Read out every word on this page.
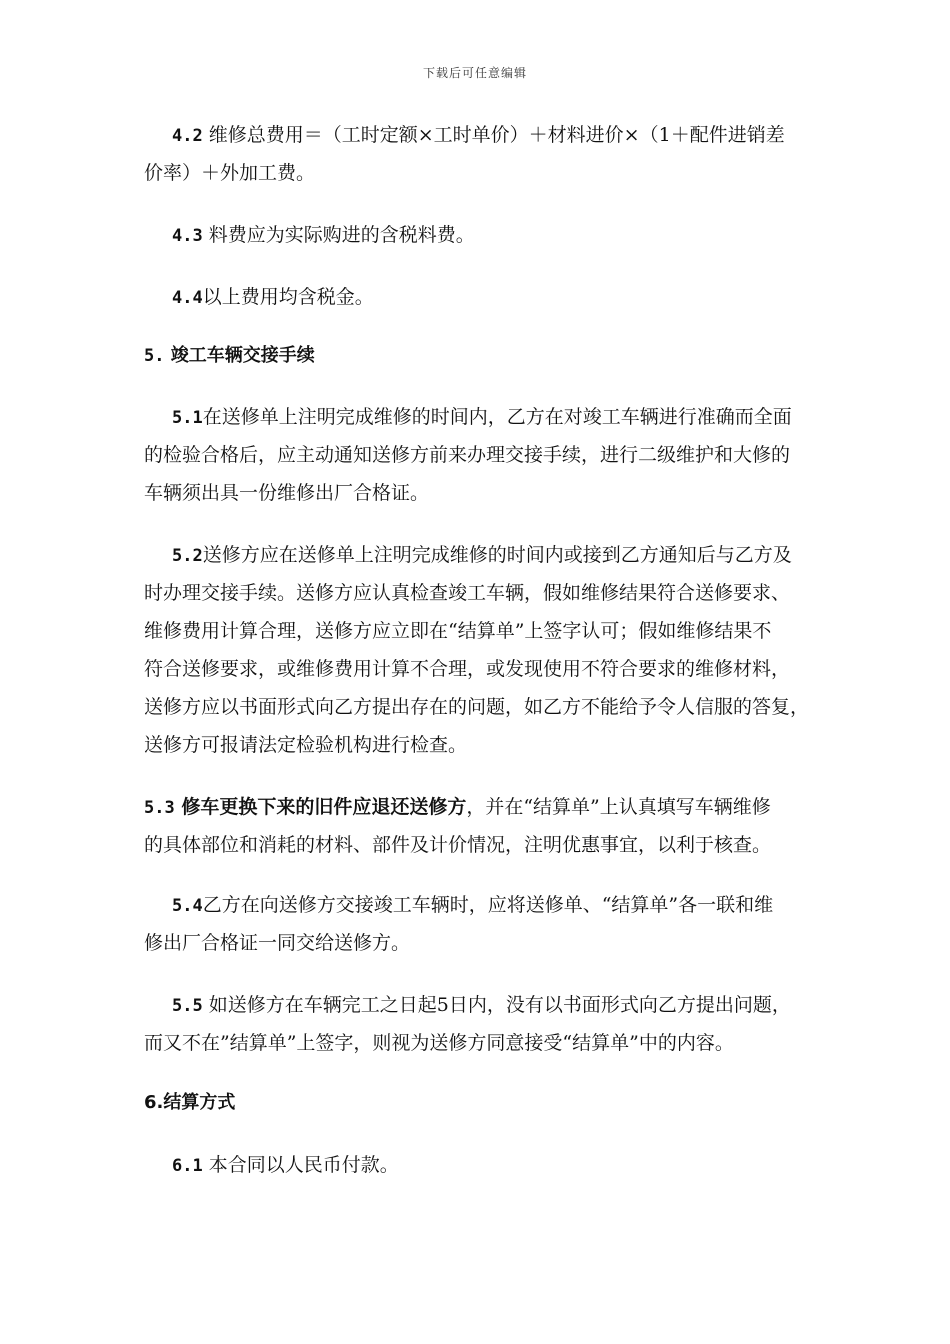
下载后可任意编辑
4.2 维修总费用＝（工时定额×工时单价）＋材料进价×（1＋配件进销差
价率）＋外加工费。
4.3 料费应为实际购进的含税料费。
4.4以上费用均含税金。
5. 竣工车辆交接手续
5.1在送修单上注明完成维修的时间内，乙方在对竣工车辆进行准确而全面
的检验合格后，应主动通知送修方前来办理交接手续，进行二级维护和大修的
车辆须出具一份维修出厂合格证。
5.2送修方应在送修单上注明完成维修的时间内或接到乙方通知后与乙方及
时办理交接手续。送修方应认真检查竣工车辆，假如维修结果符合送修要求、
维修费用计算合理，送修方应立即在“结算单”上签字认可；假如维修结果不
符合送修要求，或维修费用计算不合理，或发现使用不符合要求的维修材料，
送修方应以书面形式向乙方提出存在的问题，如乙方不能给予令人信服的答复，
送修方可报请法定检验机构进行检查。
5.3 修车更换下来的旧件应退还送修方，并在“结算单”上认真填写车辆维修
的具体部位和消耗的材料、部件及计价情况，注明优惠事宜，以利于核查。
5.4乙方在向送修方交接竣工车辆时，应将送修单、“结算单”各一联和维
修出厂合格证一同交给送修方。
5.5 如送修方在车辆完工之日起5日内，没有以书面形式向乙方提出问题，
而又不在”结算单”上签字，则视为送修方同意接受“结算单”中的内容。
6.结算方式
6.1 本合同以人民币付款。
